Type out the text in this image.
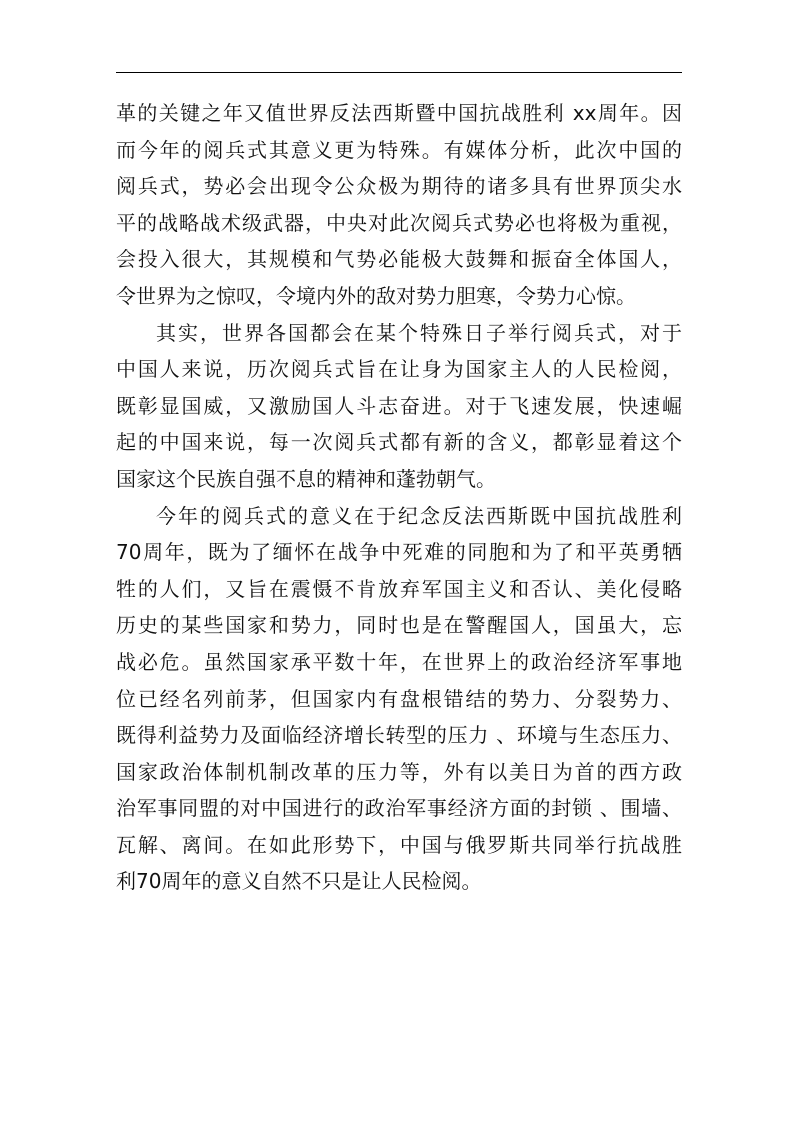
革的关键之年又值世界反法西斯暨中国抗战胜利 xx周年。因
而今年的阅兵式其意义更为特殊。有媒体分析，此次中国的
阅兵式，势必会出现令公众极为期待的诸多具有世界顶尖水
平的战略战术级武器，中央对此次阅兵式势必也将极为重视，
会投入很大，其规模和气势必能极大鼓舞和振奋全体国人，
令世界为之惊叹，令境内外的敌对势力胆寒，令势力心惊。
其实，世界各国都会在某个特殊日子举行阅兵式，对于
中国人来说，历次阅兵式旨在让身为国家主人的人民检阅，
既彰显国威，又激励国人斗志奋进。对于飞速发展，快速崛
起的中国来说，每一次阅兵式都有新的含义，都彰显着这个
国家这个民族自强不息的精神和蓬勃朝气。
今年的阅兵式的意义在于纪念反法西斯既中国抗战胜利
70周年，既为了缅怀在战争中死难的同胞和为了和平英勇牺
牲的人们，又旨在震慑不肯放弃军国主义和否认、美化侵略
历史的某些国家和势力，同时也是在警醒国人，国虽大，忘
战必危。虽然国家承平数十年，在世界上的政治经济军事地
位已经名列前茅，但国家内有盘根错结的势力、分裂势力、
既得利益势力及面临经济增长转型的压力 、环境与生态压力、
国家政治体制机制改革的压力等，外有以美日为首的西方政
治军事同盟的对中国进行的政治军事经济方面的封锁 、围墙、
瓦解、离间。在如此形势下，中国与俄罗斯共同举行抗战胜
利70周年的意义自然不只是让人民检阅。
